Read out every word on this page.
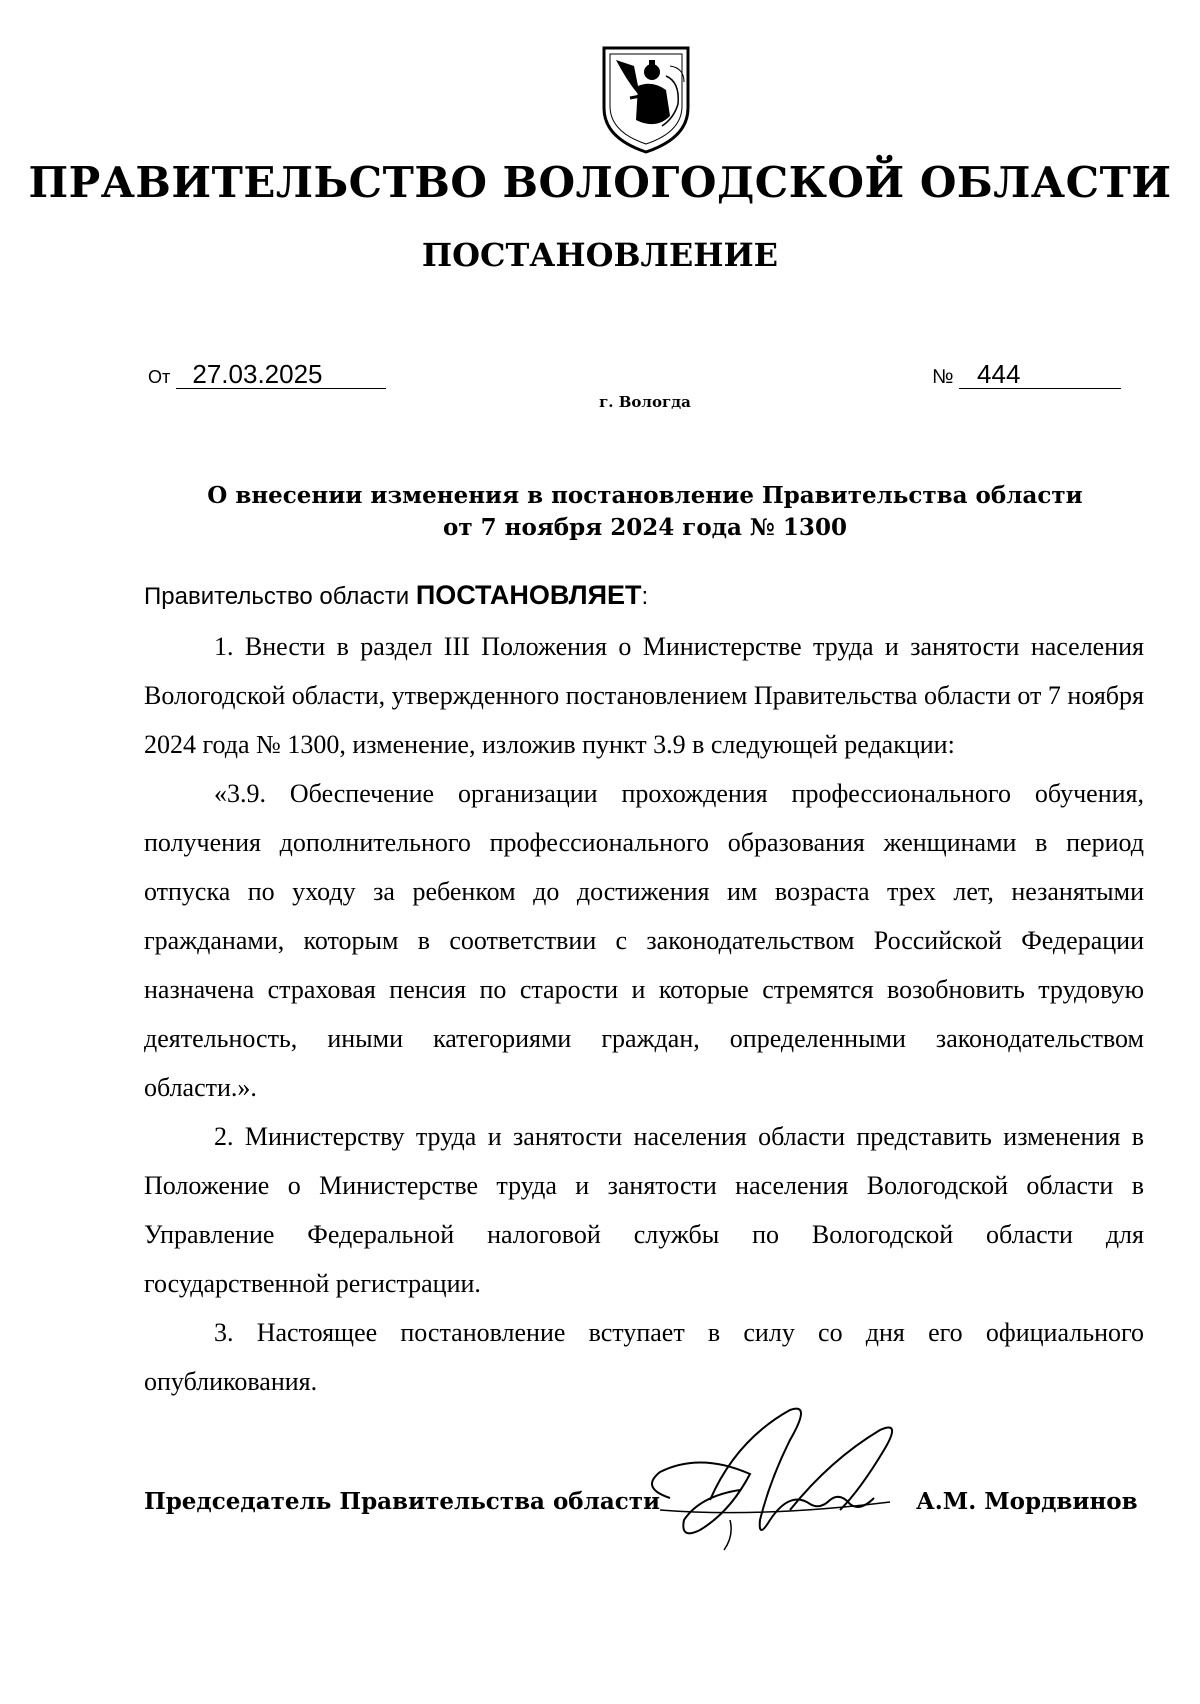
ПРАВИТЕЛЬСТВО ВОЛОГОДСКОЙ ОБЛАСТИ
ПОСТАНОВЛЕНИЕ
От 27.03.2025	№ 444
г. Вологда
О внесении изменения в постановление Правительства области
от 7 ноября 2024 года № 1300
Правительство области ПОСТАНОВЛЯЕТ:

1. Внести в раздел III Положения о Министерстве труда и занятости населения Вологодской области, утвержденного постановлением Правительства области от 7 ноября 2024 года № 1300, изменение, изложив пункт 3.9 в следующей редакции:

«3.9. Обеспечение организации прохождения профессионального обучения, получения дополнительного профессионального образования женщинами в период отпуска по уходу за ребенком до достижения им возраста трех лет, незанятыми гражданами, которым в соответствии с законодательством Российской Федерации назначена страховая пенсия по старости и которые стремятся возобновить трудовую деятельность, иными категориями граждан, определенными законодательством области.».

2. Министерству труда и занятости населения области представить изменения в Положение о Министерстве труда и занятости населения Вологодской области в Управление Федеральной налоговой службы по Вологодской области для государственной регистрации.

3. Настоящее постановление вступает в силу со дня его официального опубликования.

Председатель Правительства области	А.М. Мордвинов
